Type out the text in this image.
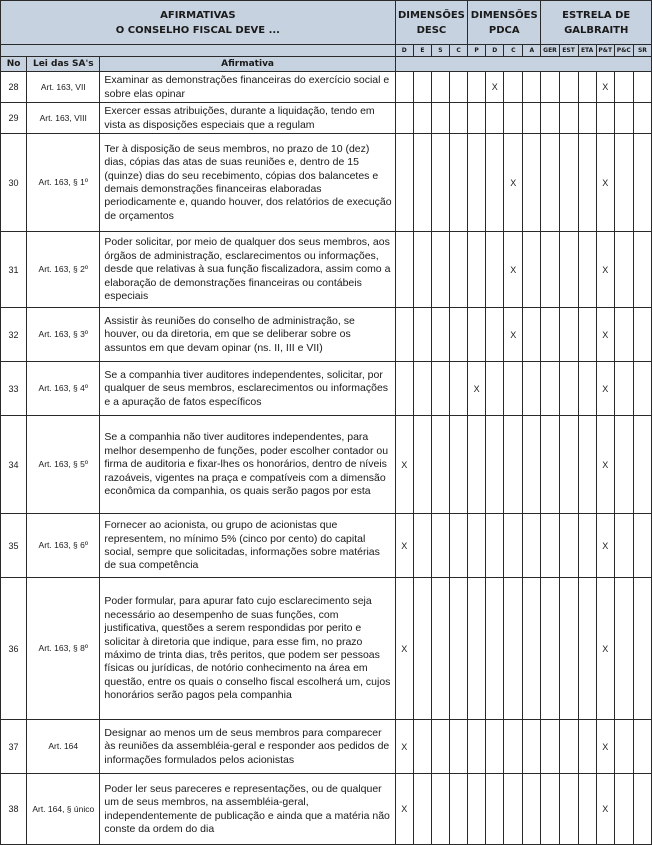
AFIRMATIVAS
O CONSELHO FISCAL DEVE ...			DIMENSÕES DESC				DIMENSÕES PDCA				ESTRELA DE GALBRAITH					
			D	E	S	C	P	D	C	A	GER	EST	ETA	P&T	P&C	SR
No	Lei das SA's	Afirmativa														
28	Art. 163, VII	Examinar as demonstrações financeiras do exercício social e sobre elas opinar						X						X		
29	Art. 163, VIII	Exercer essas atribuições, durante a liquidação, tendo em vista as disposições especiais que a regulam														
30	Art. 163, § 1º	Ter à disposição de seus membros, no prazo de 10 (dez) dias, cópias das atas de suas reuniões e, dentro de 15 (quinze) dias do seu recebimento, cópias dos balancetes e demais demonstrações financeiras elaboradas periodicamente e, quando houver, dos relatórios de execução de orçamentos							X					X		
31	Art. 163, § 2º	Poder solicitar, por meio de qualquer dos seus membros, aos órgãos de administração, esclarecimentos ou informações, desde que relativas à sua função fiscalizadora, assim como a elaboração de demonstrações financeiras ou contábeis especiais							X					X		
32	Art. 163, § 3º	Assistir às reuniões do conselho de administração, se houver, ou da diretoria, em que se deliberar sobre os assuntos em que devam opinar (ns. II, III e VII)							X					X		
33	Art. 163, § 4º	Se a companhia tiver auditores independentes, solicitar, por qualquer de seus membros, esclarecimentos ou informações e a apuração de fatos específicos					X							X		
34	Art. 163, § 5º	Se a companhia não tiver auditores independentes, para melhor desempenho de funções, poder escolher contador ou firma de auditoria e fixar-lhes os honorários, dentro de níveis razoáveis, vigentes na praça e compatíveis com a dimensão econômica da companhia, os quais serão pagos por esta	X											X		
35	Art. 163, § 6º	Fornecer ao acionista, ou grupo de acionistas que representem, no mínimo 5% (cinco por cento) do capital social, sempre que solicitadas, informações sobre matérias de sua competência	X											X		
36	Art. 163, § 8º	Poder formular, para apurar fato cujo esclarecimento seja necessário ao desempenho de suas funções, com justificativa, questões a serem respondidas por perito e solicitar à diretoria que indique, para esse fim, no prazo máximo de trinta dias, três peritos, que podem ser pessoas físicas ou jurídicas, de notório conhecimento na área em questão, entre os quais o conselho fiscal escolherá um, cujos honorários serão pagos pela companhia	X											X		
37	Art. 164	Designar ao menos um de seus membros para comparecer às reuniões da assembléia-geral e responder aos pedidos de informações formulados pelos acionistas	X											X		
38	Art. 164, § único	Poder ler seus pareceres e representações, ou de qualquer um de seus membros, na assembléia-geral, independentemente de publicação e ainda que a matéria não conste da ordem do dia	X											X		
